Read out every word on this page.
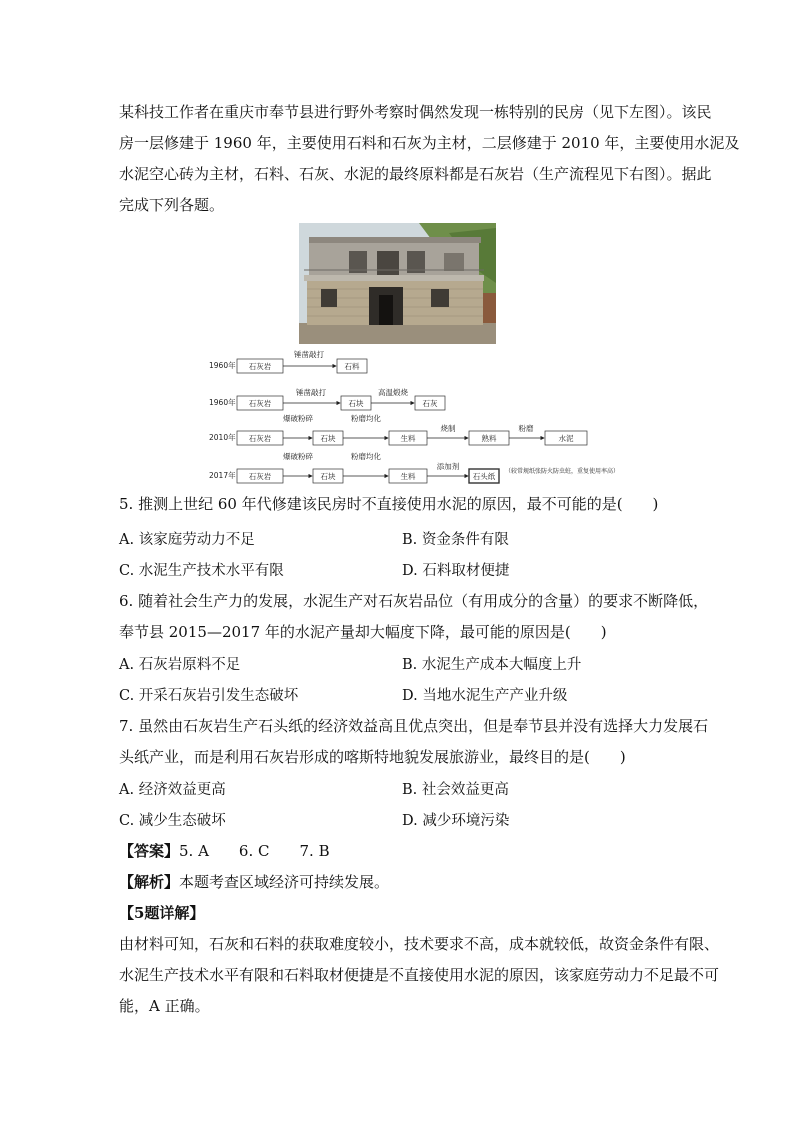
某科技工作者在重庆市奉节县进行野外考察时偶然发现一栋特别的民房（见下左图）。该民
房一层修建于 1960 年，主要使用石料和石灰为主材，二层修建于 2010 年，主要使用水泥及
水泥空心砖为主材，石料、石灰、水泥的最终原料都是石灰岩（生产流程见下右图）。据此
完成下列各题。
1960年 石灰岩
锤凿敲打
石料
1960年 石灰岩
锤凿敲打
石块
高温煅烧
石灰
2010年 石灰岩
爆破粉碎
石块
粉磨均化
生料
烧制
熟料
粉磨
水泥
2017年 石灰岩
爆破粉碎
石块
粉磨均化
生料
添加剂
石头纸
（较常规纸张防火防虫蛀，重复使用率高）
5. 推测上世纪 60 年代修建该民房时不直接使用水泥的原因，最不可能的是(　　)
A. 该家庭劳动力不足	B. 资金条件有限
C. 水泥生产技术水平有限	D. 石料取材便捷
6. 随着社会生产力的发展，水泥生产对石灰岩品位（有用成分的含量）的要求不断降低，
奉节县 2015—2017 年的水泥产量却大幅度下降，最可能的原因是(　　)
A. 石灰岩原料不足	B. 水泥生产成本大幅度上升
C. 开采石灰岩引发生态破坏	D. 当地水泥生产产业升级
7. 虽然由石灰岩生产石头纸的经济效益高且优点突出，但是奉节县并没有选择大力发展石
头纸产业，而是利用石灰岩形成的喀斯特地貌发展旅游业，最终目的是(　　)
A. 经济效益更高	B. 社会效益更高
C. 减少生态破坏	D. 减少环境污染
【答案】5. A　　6. C　　7. B
【解析】本题考查区域经济可持续发展。
【5题详解】
由材料可知，石灰和石料的获取难度较小，技术要求不高，成本就较低，故资金条件有限、
水泥生产技术水平有限和石料取材便捷是不直接使用水泥的原因，该家庭劳动力不足最不可
能，A 正确。
